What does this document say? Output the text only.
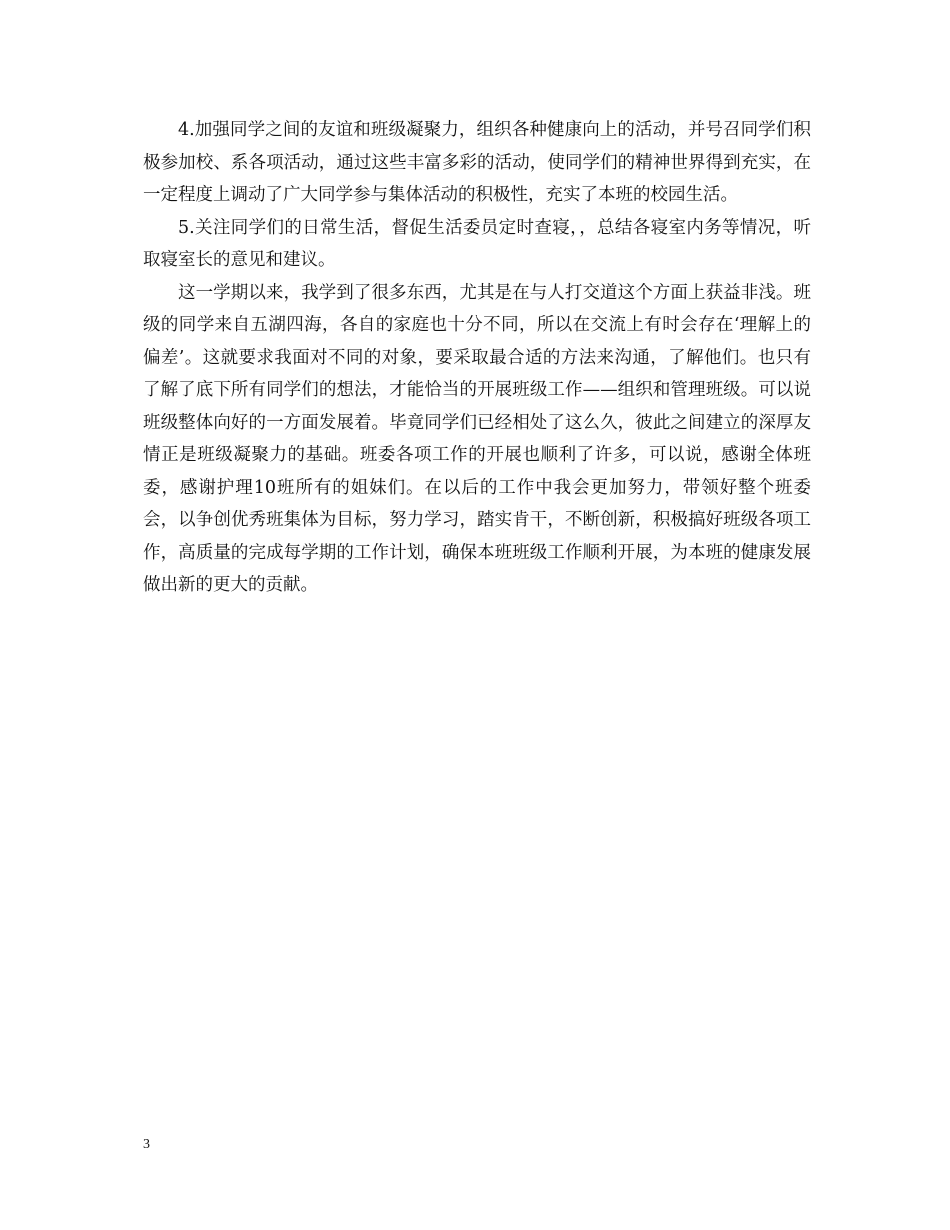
4.加强同学之间的友谊和班级凝聚力，组织各种健康向上的活动，并号召同学们积极参加校、系各项活动，通过这些丰富多彩的活动，使同学们的精神世界得到充实，在一定程度上调动了广大同学参与集体活动的积极性，充实了本班的校园生活。

5.关注同学们的日常生活，督促生活委员定时查寝，，总结各寝室内务等情况，听取寝室长的意见和建议。

这一学期以来，我学到了很多东西，尤其是在与人打交道这个方面上获益非浅。班级的同学来自五湖四海，各自的家庭也十分不同，所以在交流上有时会存在‘理解上的偏差’。这就要求我面对不同的对象，要采取最合适的方法来沟通，了解他们。也只有了解了底下所有同学们的想法，才能恰当的开展班级工作——组织和管理班级。可以说班级整体向好的一方面发展着。毕竟同学们已经相处了这么久，彼此之间建立的深厚友情正是班级凝聚力的基础。班委各项工作的开展也顺利了许多，可以说，感谢全体班委，感谢护理10班所有的姐妹们。在以后的工作中我会更加努力，带领好整个班委会，以争创优秀班集体为目标，努力学习，踏实肯干，不断创新，积极搞好班级各项工作，高质量的完成每学期的工作计划，确保本班班级工作顺利开展，为本班的健康发展做出新的更大的贡献。

3
